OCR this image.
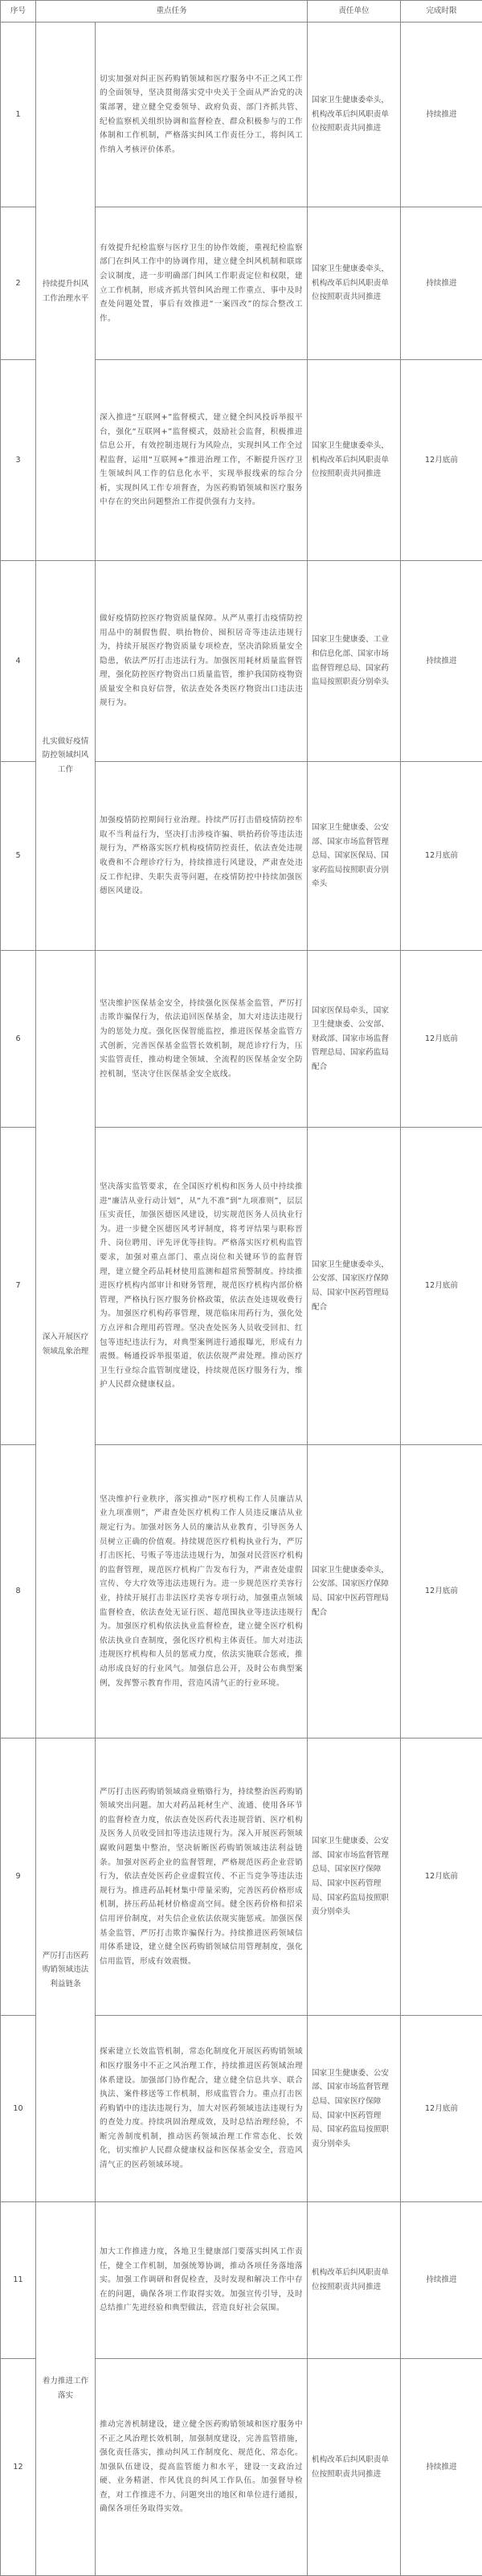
序号	重点任务		责任单位	完成时限
1	持续提升纠风工作治理水平	切实加强对纠正医药购销领域和医疗服务中不正之风工作的全面领导，坚决贯彻落实党中央关于全面从严治党的决策部署，建立健全党委领导、政府负责、部门齐抓共管、纪检监察机关组织协调和监督检查、群众积极参与的工作体制和工作机制，严格落实纠风工作责任分工，将纠风工作纳入考核评价体系。	国家卫生健康委牵头，机构改革后纠风职责单位按照职责共同推进	持续推进
2		有效提升纪检监察与医疗卫生的协作效能，重视纪检监察部门在纠风工作中的协调作用，建立健全纠风机制和联席会议制度，进一步明确部门纠风工作职责定位和权限，建立工作机制，形成齐抓共管纠风治理工作重点、事中及时查处问题处置，事后有效推进“一案四改”的综合整改工作。	国家卫生健康委牵头，机构改革后纠风职责单位按照职责共同推进	持续推进
3		深入推进“互联网+”监督模式，建立健全纠风投诉举报平台，强化“互联网+”监督模式，鼓励社会监督，积极推进信息公开，有效控制违规行为风险点，实现纠风工作全过程监督，运用“互联网+”推进治理工作，不断提升医疗卫生领域纠风工作的信息化水平，实现举报线索的综合分析，实现纠风工作专项督查，为医药购销领域和医疗服务中存在的突出问题整治工作提供强有力支持。	国家卫生健康委牵头，机构改革后纠风职责单位按照职责共同推进	12月底前
4	扎实做好疫情防控领域纠风工作	做好疫情防控医疗物资质量保障。从严从重打击疫情防控用品中的制假售假、哄抬物价、囤积居奇等违法违规行为，持续开展医疗物资质量专项检查，坚决消除质量安全隐患，依法严厉打击违法行为。加强医用耗材质量监督管理，强化防控医疗物资出口质量监管，维护我国防疫物资质量安全和良好信誉，依法查处各类医疗物资出口违法违规行为。	国家卫生健康委、工业和信息化部、国家市场监督管理总局、国家药监局按照职责分别牵头	持续推进
5		加强疫情防控期间行业治理。持续严厉打击借疫情防控牟取不当利益行为，坚决打击涉疫诈骗、哄抬药价等违法违规行为，严格落实医疗机构疫情防控责任，依法查处违规收费和不合理诊疗行为，持续推进行风建设，严肃查处违反工作纪律、失职失责等问题，在疫情防控中持续加强医德医风建设。	国家卫生健康委、公安部、国家市场监督管理总局、国家医保局、国家药监局按照职责分别牵头	12月底前
6	深入开展医疗领域乱象治理	坚决维护医保基金安全，持续强化医保基金监管，严厉打击欺诈骗保行为，依法追回医保基金，加大对违法违规行为的惩处力度。强化医保智能监控，推进医保基金监管方式创新，完善医保基金监管长效机制，规范诊疗行为，压实监管责任，推动构建全领域、全流程的医保基金安全防控机制，坚决守住医保基金安全底线。	国家医保局牵头，国家卫生健康委、公安部、财政部、国家市场监督管理总局、国家药监局配合	12月底前
7		坚决落实监管要求，在全国医疗机构和医务人员中持续推进“廉洁从业行动计划”，从“九不准”到“九项准则”，层层压实责任，加强医德医风建设，切实规范医务人员执业行为。进一步健全医德医风考评制度，将考评结果与职称晋升、岗位聘用、评先评优等挂钩。严格落实医疗机构监管要求，加强对重点部门、重点岗位和关键环节的监督管理，建立健全药品耗材使用监测和超常预警制度。持续推进医疗机构内部审计和财务管理，规范医疗机构内部价格管理，严格执行医疗服务价格政策，依法查处违规收费行为。加强医疗机构药事管理，规范临床用药行为，强化处方点评和合理用药管理。坚决查处医务人员收受回扣、红包等违纪违法行为，对典型案例进行通报曝光，形成有力震慑。畅通投诉举报渠道，依法依规严肃处理。推动医疗卫生行业综合监管制度建设，持续规范医疗服务行为，维护人民群众健康权益。	国家卫生健康委牵头，公安部、国家医疗保障局、国家中医药管理局配合	12月底前
8		坚决维护行业秩序，落实推动“医疗机构工作人员廉洁从业九项准则”，严肃查处医疗机构工作人员违反廉洁从业规定行为。加强对医务人员的廉洁从业教育，引导医务人员树立正确的价值观。持续规范医疗机构执业行为，严厉打击医托、号贩子等违法违规行为，加强对民营医疗机构的监督管理，规范医疗机构广告发布行为，严肃查处虚假宣传、夸大疗效等违法违规行为。进一步规范医疗美容行业，持续开展打击非法医疗美容专项行动，加强重点领域监督检查，依法查处无证行医、超范围执业等违法违规行为。加强医疗机构依法执业监督检查，建立健全医疗机构依法执业自查制度，强化医疗机构主体责任。加大对违法违规医疗机构和人员的惩戒力度，依法实施联合惩戒，推动形成良好的行业风气。加强信息公开，及时公布典型案例，发挥警示教育作用，营造风清气正的行业环境。	国家卫生健康委牵头，公安部、国家医疗保障局、国家中医药管理局配合	12月底前
9	严厉打击医药购销领域违法利益链条	严厉打击医药购销领域商业贿赂行为，持续整治医药购销领域突出问题。加大对药品耗材生产、流通、使用各环节的监督检查力度，依法查处医药代表违规营销、医疗机构及医务人员收受回扣等违法违规行为。深入开展医药领域腐败问题集中整治，坚决斩断医药购销领域违法利益链条。加强对医药企业的监督管理，严格规范医药企业营销行为，依法查处医药企业虚假宣传、不正当竞争等违法违规行为。推进药品耗材集中带量采购，完善医药价格形成机制，挤压药品耗材价格虚高空间。健全医药价格和招采信用评价制度，对失信企业依法依规实施惩戒。加强医保基金监管，严厉打击欺诈骗保行为。持续推进医药领域信用体系建设，建立健全医药购销领域信用管理制度，强化信用监管，形成有效震慑。	国家卫生健康委、公安部、国家市场监督管理总局、国家医疗保障局、国家中医药管理局、国家药监局按照职责分别牵头	12月底前
10		探索建立长效监管机制，常态化制度化开展医药购销领域和医疗服务中不正之风治理工作，持续推进医药领域治理体系建设。加强部门协作配合，建立健全信息共享、联合执法、案件移送等工作机制，形成监管合力。重点打击医药购销中的违法违规行为，加大对医药领域违法违规行为的查处力度。持续巩固治理成效，及时总结治理经验，不断完善制度机制，推动医药领域治理工作常态化、长效化，切实维护人民群众健康权益和医保基金安全，营造风清气正的医药领域环境。	国家卫生健康委、公安部、国家市场监督管理总局、国家医疗保障局、国家中医药管理局、国家药监局按照职责分别牵头	12月底前
11	着力推进工作落实	加大工作推进力度，各地卫生健康部门要落实纠风工作责任，健全工作机制，加强统筹协调，推动各项任务落地落实。加强工作调研和督促检查，及时发现和解决工作中存在的问题，确保各项工作取得实效。加强宣传引导，及时总结推广先进经验和典型做法，营造良好社会氛围。	机构改革后纠风职责单位按照职责共同推进	持续推进
12		推动完善机制建设，建立健全医药购销领域和医疗服务中不正之风治理长效机制，加强制度建设，完善监管措施，强化责任落实，推动纠风工作制度化、规范化、常态化。加强队伍建设，提高监管能力和水平，建设一支政治过硬、业务精湛、作风优良的纠风工作队伍。加强督导检查，对工作推进不力、问题突出的地区和单位进行通报，确保各项任务取得实效。	机构改革后纠风职责单位按照职责共同推进	持续推进
